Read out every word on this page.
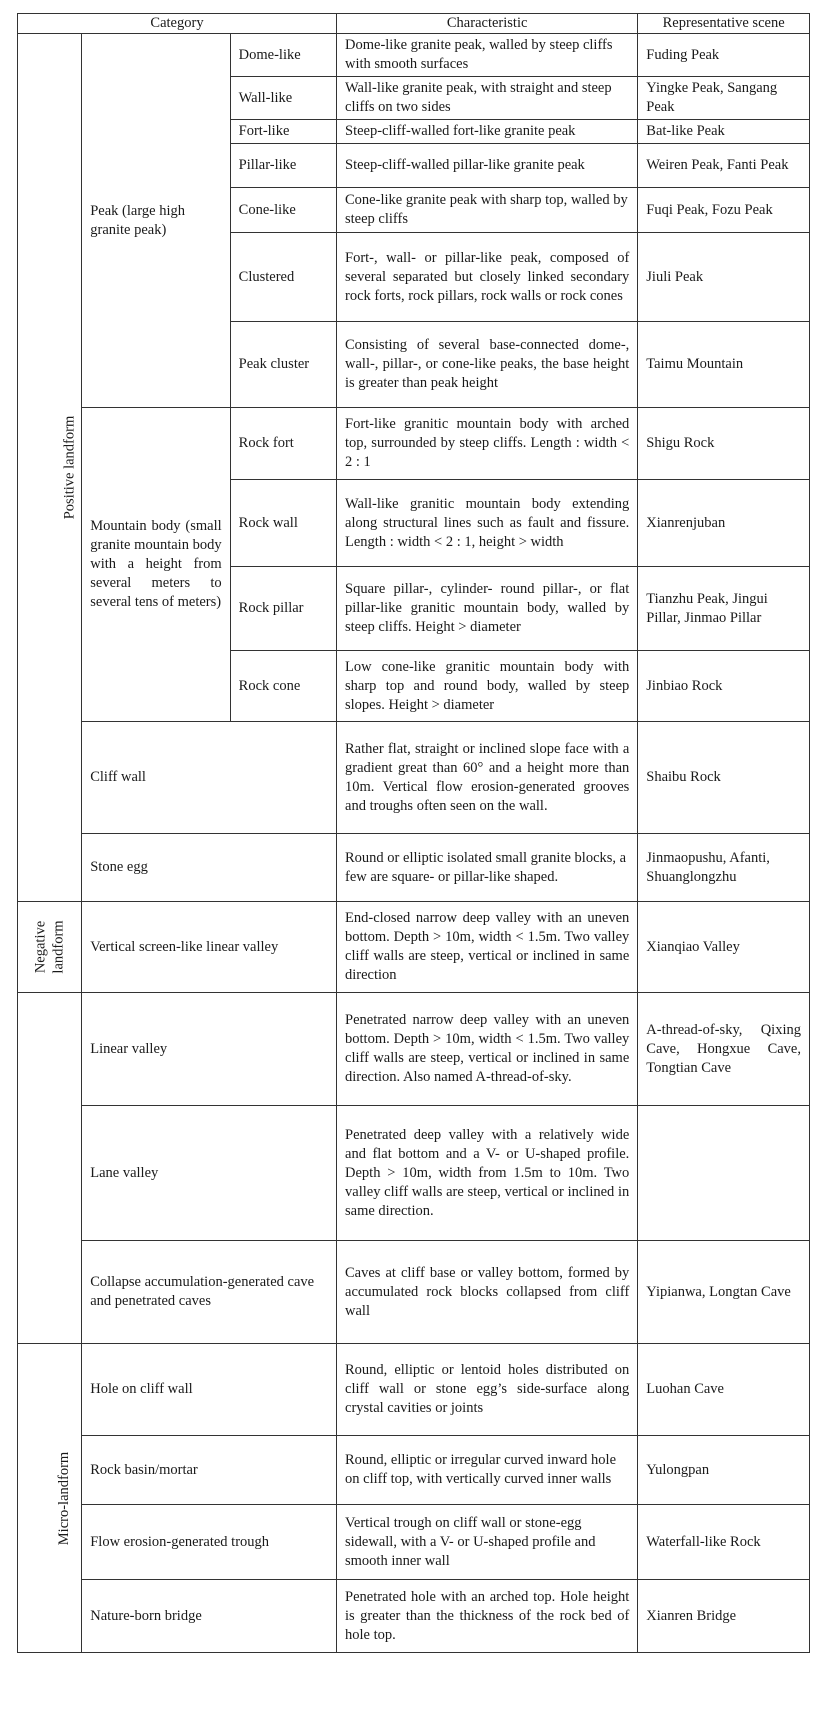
Category			Characteristic	Representative scene
Positive landform	Peak (large high granite peak)	Dome-like	Dome-like granite peak, walled by steep cliffs with smooth surfaces	Fuding Peak
		Wall-like	Wall-like granite peak, with straight and steep cliffs on two sides	Yingke Peak, Sangang Peak
		Fort-like	Steep-cliff-walled fort-like granite peak	Bat-like Peak
		Pillar-like	Steep-cliff-walled pillar-like granite peak	Weiren Peak, Fanti Peak
		Cone-like	Cone-like granite peak with sharp top, walled by steep cliffs	Fuqi Peak, Fozu Peak
		Clustered	Fort-, wall- or pillar-like peak, composed of several separated but closely linked secondary rock forts, rock pillars, rock walls or rock cones	Jiuli Peak
		Peak cluster	Consisting of several base-connected dome-, wall-, pillar-, or cone-like peaks, the base height is greater than peak height	Taimu Mountain
	Mountain body (small granite mountain body with a height from several meters to several tens of meters)	Rock fort	Fort-like granitic mountain body with arched top, surrounded by steep cliffs. Length : width < 2 : 1	Shigu Rock
		Rock wall	Wall-like granitic mountain body extending along structural lines such as fault and fissure. Length : width < 2 : 1, height > width	Xianrenjuban
		Rock pillar	Square pillar-, cylinder- round pillar-, or flat pillar-like granitic mountain body, walled by steep cliffs. Height > diameter	Tianzhu Peak, Jingui Pillar, Jinmao Pillar
		Rock cone	Low cone-like granitic mountain body with sharp top and round body, walled by steep slopes. Height > diameter	Jinbiao Rock
	Cliff wall		Rather flat, straight or inclined slope face with a gradient great than 60° and a height more than 10m. Vertical flow erosion-generated grooves and troughs often seen on the wall.	Shaibu Rock
	Stone egg		Round or elliptic isolated small granite blocks, a few are square- or pillar-like shaped.	Jinmaopushu, Afanti, Shuanglongzhu
Negative landform	Vertical screen-like linear valley		End-closed narrow deep valley with an uneven bottom. Depth > 10m, width < 1.5m. Two valley cliff walls are steep, vertical or inclined in same direction	Xianqiao Valley
	Linear valley		Penetrated narrow deep valley with an uneven bottom. Depth > 10m, width < 1.5m. Two valley cliff walls are steep, vertical or inclined in same direction. Also named A-thread-of-sky.	A-thread-of-sky, Qixing Cave, Hongxue Cave, Tongtian Cave
	Lane valley		Penetrated deep valley with a relatively wide and flat bottom and a V- or U-shaped profile. Depth > 10m, width from 1.5m to 10m. Two valley cliff walls are steep, vertical or inclined in same direction.	
	Collapse accumulation-generated cave and penetrated caves		Caves at cliff base or valley bottom, formed by accumulated rock blocks collapsed from cliff wall	Yipianwa, Longtan Cave
Micro-landform	Hole on cliff wall		Round, elliptic or lentoid holes distributed on cliff wall or stone egg’s side-surface along crystal cavities or joints	Luohan Cave
	Rock basin/mortar		Round, elliptic or irregular curved inward hole on cliff top, with vertically curved inner walls	Yulongpan
	Flow erosion-generated trough		Vertical trough on cliff wall or stone-egg sidewall, with a V- or U-shaped profile and smooth inner wall	Waterfall-like Rock
	Nature-born bridge		Penetrated hole with an arched top. Hole height is greater than the thickness of the rock bed of hole top.	Xianren Bridge
